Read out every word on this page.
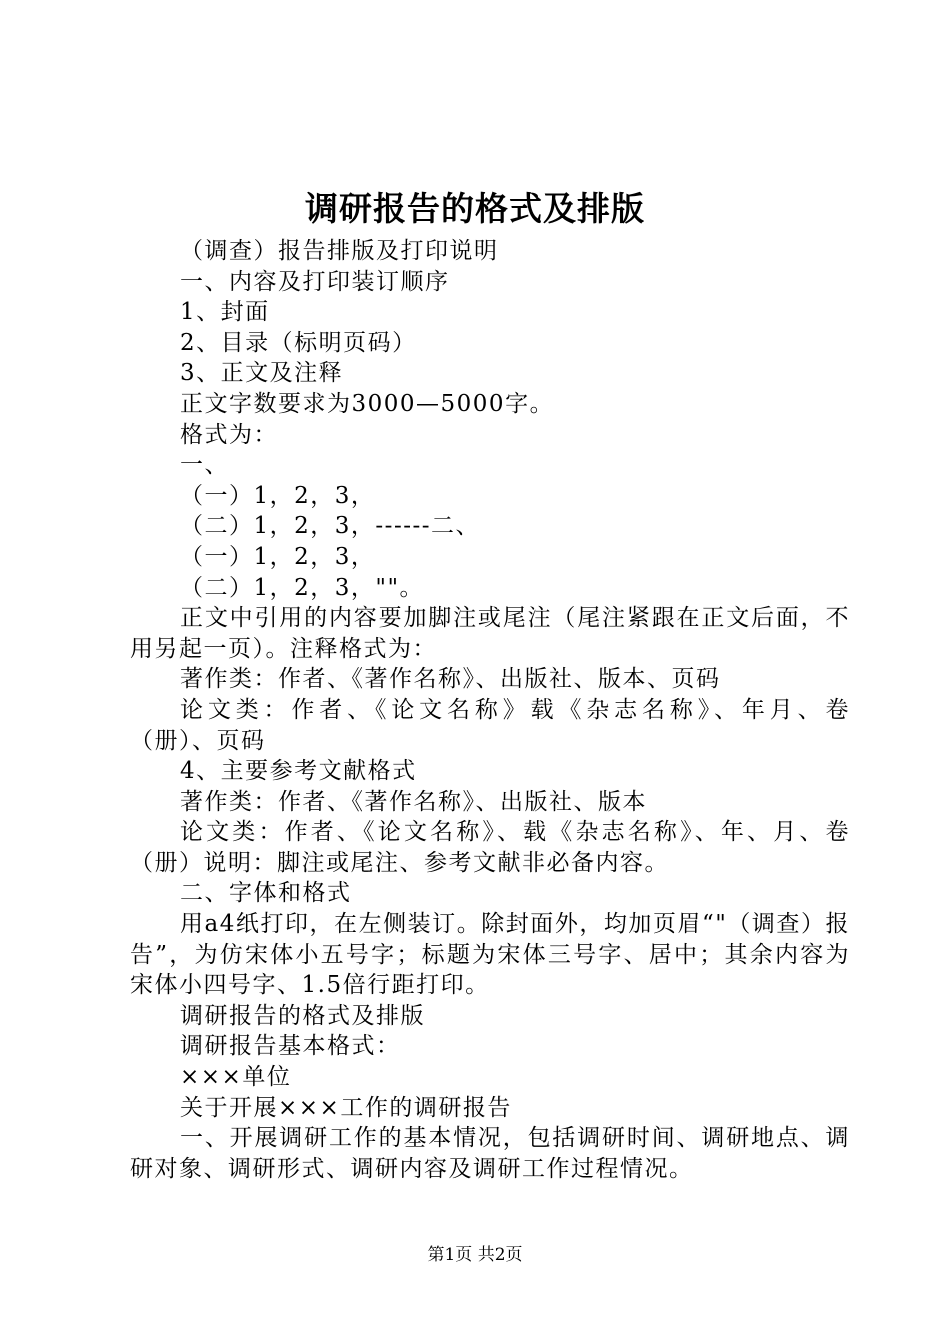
调研报告的格式及排版

（调查）报告排版及打印说明

一、内容及打印装订顺序

1、封面

2、目录（标明页码）

3、正文及注释

正文字数要求为3000—5000字。

格式为：

一、

（一）1，2，3，

（二）1，2，3，------二、

（一）1，2，3，

（二）1，2，3，""。

正文中引用的内容要加脚注或尾注（尾注紧跟在正文后面，不用另起一页）。注释格式为：

著作类：作者、《著作名称》、出版社、版本、页码

论文类：作者、《论文名称》载《杂志名称》、年月、卷（册）、页码

4、主要参考文献格式

著作类：作者、《著作名称》、出版社、版本

论文类：作者、《论文名称》、载《杂志名称》、年、月、卷（册）说明：脚注或尾注、参考文献非必备内容。

二、字体和格式

用a4纸打印，在左侧装订。除封面外，均加页眉“"（调查）报告”，为仿宋体小五号字；标题为宋体三号字、居中；其余内容为宋体小四号字、1.5倍行距打印。

调研报告的格式及排版

调研报告基本格式：

×××单位

关于开展×××工作的调研报告

一、开展调研工作的基本情况，包括调研时间、调研地点、调研对象、调研形式、调研内容及调研工作过程情况。

第1页 共2页
